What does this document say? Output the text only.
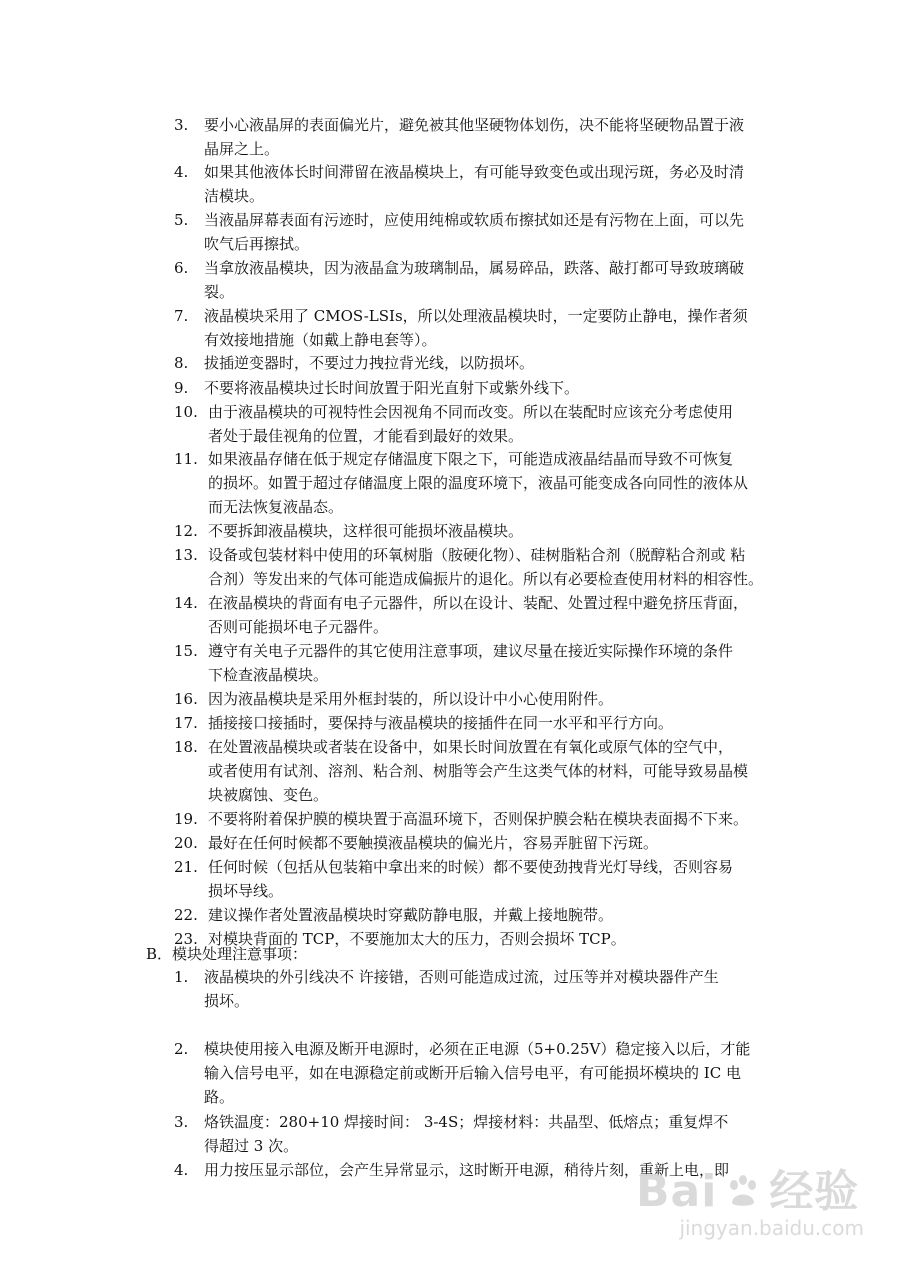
3. 要小心液晶屏的表面偏光片，避免被其他坚硬物体划伤，决不能将坚硬物品置于液
晶屏之上。

4. 如果其他液体长时间滞留在液晶模块上，有可能导致变色或出现污斑，务必及时清
洁模块。

5. 当液晶屏幕表面有污迹时，应使用纯棉或软质布擦拭如还是有污物在上面，可以先
吹气后再擦拭。

6. 当拿放液晶模块，因为液晶盒为玻璃制品，属易碎品，跌落、敲打都可导致玻璃破
裂。

7. 液晶模块采用了 CMOS-LSIs，所以处理液晶模块时，一定要防止静电，操作者须
有效接地措施（如戴上静电套等）。

8. 拔插逆变器时，不要过力拽拉背光线，以防损坏。

9. 不要将液晶模块过长时间放置于阳光直射下或紫外线下。

10. 由于液晶模块的可视特性会因视角不同而改变。所以在装配时应该充分考虑使用
者处于最佳视角的位置，才能看到最好的效果。

11. 如果液晶存储在低于规定存储温度下限之下，可能造成液晶结晶而导致不可恢复
的损坏。如置于超过存储温度上限的温度环境下，液晶可能变成各向同性的液体从
而无法恢复液晶态。

12. 不要拆卸液晶模块，这样很可能损坏液晶模块。

13. 设备或包装材料中使用的环氧树脂（胺硬化物）、硅树脂粘合剂（脱醇粘合剂或 粘
合剂）等发出来的气体可能造成偏振片的退化。所以有必要检查使用材料的相容性。

14. 在液晶模块的背面有电子元器件，所以在设计、装配、处置过程中避免挤压背面，
否则可能损坏电子元器件。

15. 遵守有关电子元器件的其它使用注意事项，建议尽量在接近实际操作环境的条件
下检查液晶模块。

16. 因为液晶模块是采用外框封装的，所以设计中小心使用附件。

17. 插接接口接插时，要保持与液晶模块的接插件在同一水平和平行方向。

18. 在处置液晶模块或者装在设备中，如果长时间放置在有氧化或原气体的空气中，
或者使用有试剂、溶剂、粘合剂、树脂等会产生这类气体的材料，可能导致易晶模
块被腐蚀、变色。

19. 不要将附着保护膜的模块置于高温环境下，否则保护膜会粘在模块表面揭不下来。

20. 最好在任何时候都不要触摸液晶模块的偏光片，容易弄脏留下污斑。

21. 任何时候（包括从包装箱中拿出来的时候）都不要使劲拽背光灯导线，否则容易
损坏导线。

22. 建议操作者处置液晶模块时穿戴防静电服，并戴上接地腕带。

23. 对模块背面的 TCP，不要施加太大的压力，否则会损坏 TCP。

B．模块处理注意事项：

1. 液晶模块的外引线决不 许接错，否则可能造成过流，过压等并对模块器件产生
损坏。

2. 模块使用接入电源及断开电源时，必须在正电源（5+0.25V）稳定接入以后，才能
输入信号电平，如在电源稳定前或断开后输入信号电平，有可能损坏模块的 IC 电
路。

3. 烙铁温度：280+10 焊接时间： 3-4S；焊接材料：共晶型、低熔点；重复焊不
得超过 3 次。

4. 用力按压显示部位，会产生异常显示，这时断开电源，稍待片刻，重新上电，即

Bai 经验
jingyan.baidu.com
